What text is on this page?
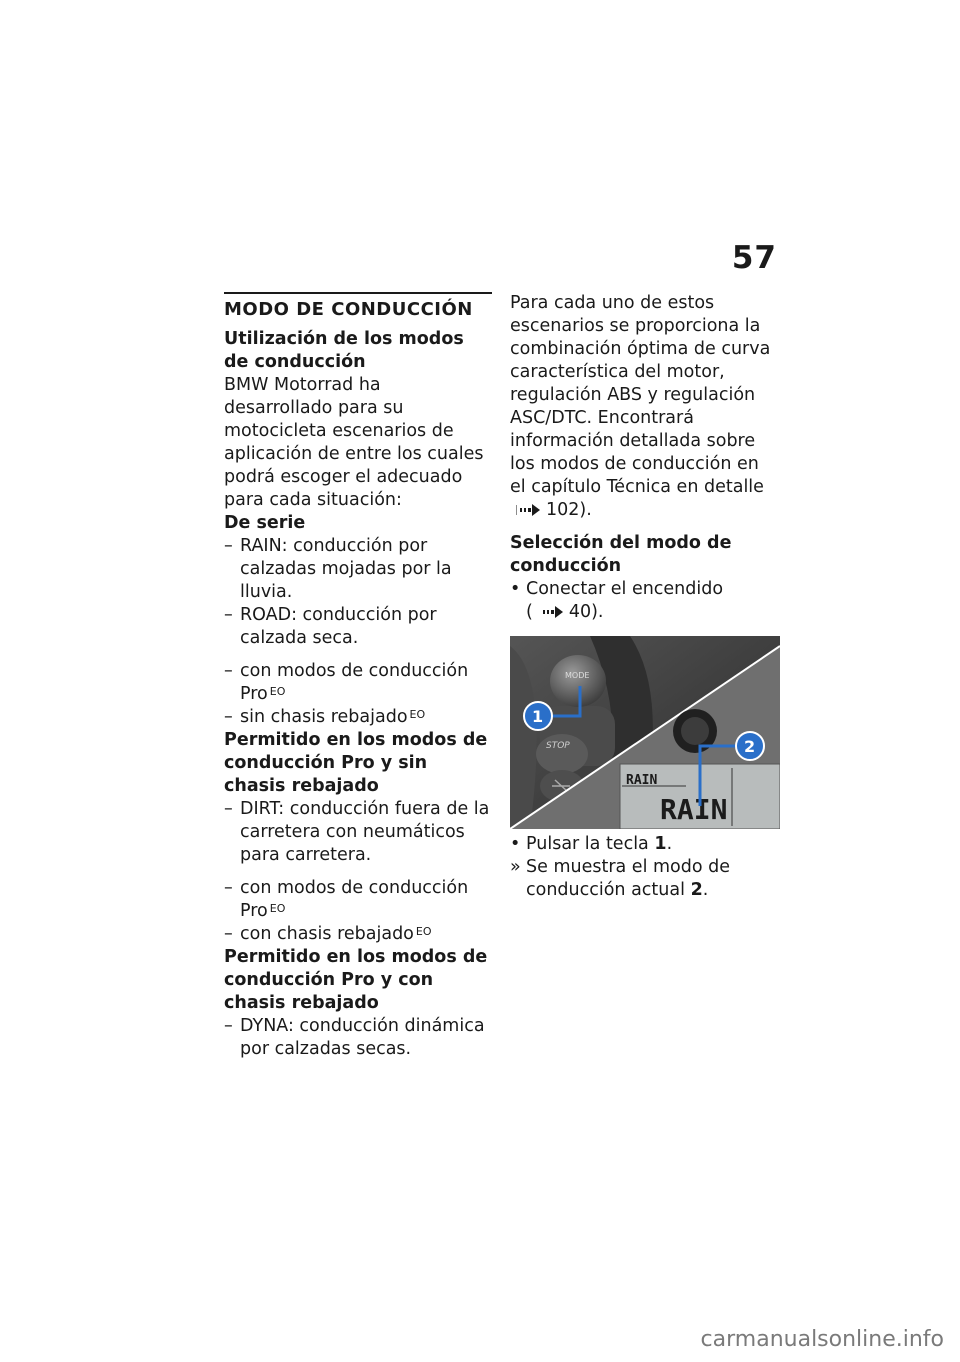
57
MODO DE CONDUCCIÓN
Utilización de los modos de conducción

BMW Motorrad ha desarrollado para su motocicleta escenarios de aplicación de entre los cuales podrá escoger el adecuado para cada situación:

De serie
– RAIN: conducción por calzadas mojadas por la lluvia.
– ROAD: conducción por calzada seca.
– con modos de conducción Pro $^{EO}$
– sin chasis rebajado $^{EO}$
Permitido en los modos de conducción Pro y sin chasis rebajado
– DIRT: conducción fuera de la carretera con neumáticos para carretera.
– con modos de conducción Pro $^{EO}$
– con chasis rebajado $^{EO}$
Permitido en los modos de conducción Pro y con chasis rebajado
– DYNA: conducción dinámica por calzadas secas.

Para cada uno de estos escenarios se proporciona la combinación óptima de curva característica del motor, regulación ABS y regulación ASC/DTC. Encontrará información detallada sobre los modos de conducción en el capítulo Técnica en detalle102).

Selección del modo de conducción
• Conectar el encendido
( 40).
MODE
STOP
RAIN
RAIN
1
2
• Pulsar la tecla 1.
» Se muestra el modo de conducción actual 2.
carmanualsonline.info
